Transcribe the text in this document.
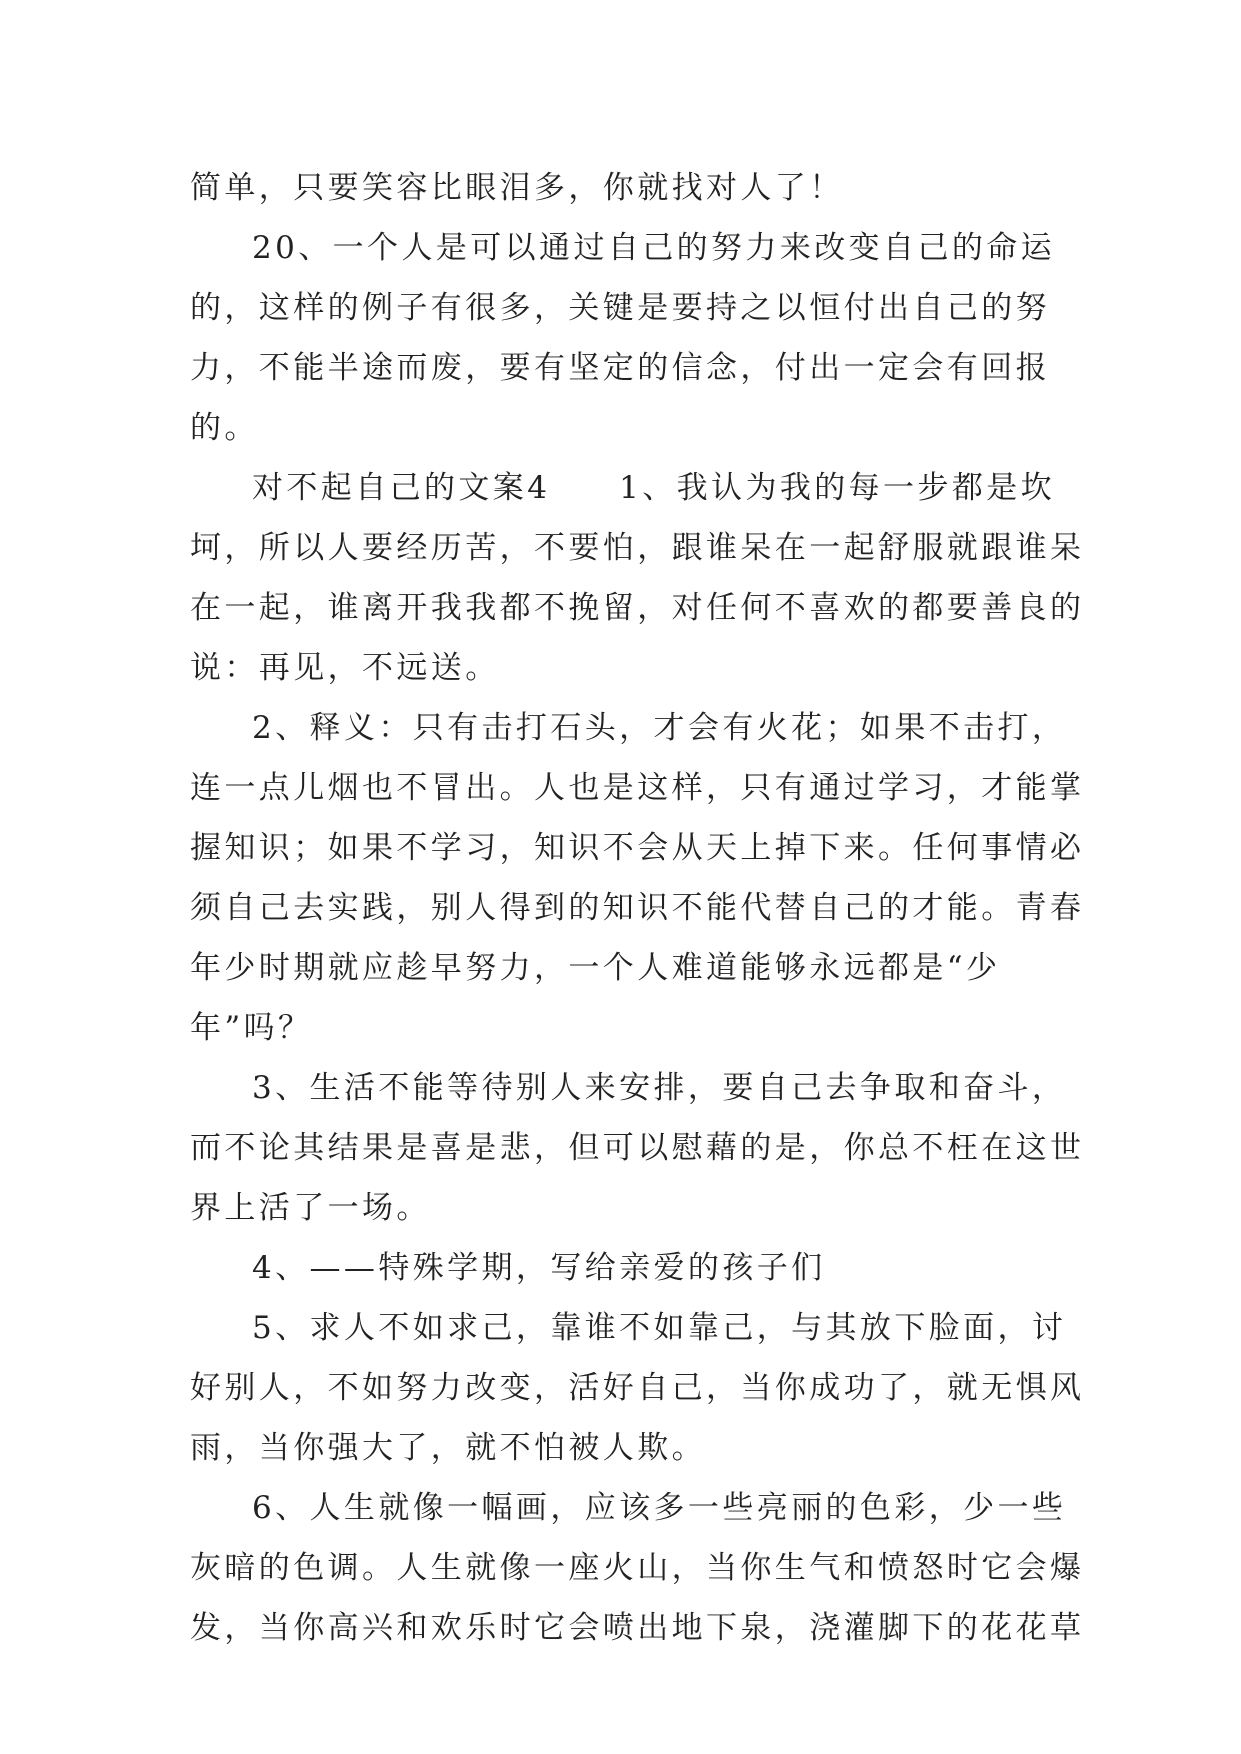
简单，只要笑容比眼泪多，你就找对人了！

20、一个人是可以通过自己的努力来改变自己的命运的，这样的例子有很多，关键是要持之以恒付出自己的努力，不能半途而废，要有坚定的信念，付出一定会有回报的。

对不起自己的文案4　　1、我认为我的每一步都是坎坷，所以人要经历苦，不要怕，跟谁呆在一起舒服就跟谁呆在一起，谁离开我我都不挽留，对任何不喜欢的都要善良的说：再见，不远送。

2、释义：只有击打石头，才会有火花；如果不击打，连一点儿烟也不冒出。人也是这样，只有通过学习，才能掌握知识；如果不学习，知识不会从天上掉下来。任何事情必须自己去实践，别人得到的知识不能代替自己的才能。青春年少时期就应趁早努力，一个人难道能够永远都是“少年”吗？

3、生活不能等待别人来安排，要自己去争取和奋斗，而不论其结果是喜是悲，但可以慰藉的是，你总不枉在这世界上活了一场。

4、——特殊学期，写给亲爱的孩子们

5、求人不如求己，靠谁不如靠己，与其放下脸面，讨好别人，不如努力改变，活好自己，当你成功了，就无惧风雨，当你强大了，就不怕被人欺。

6、人生就像一幅画，应该多一些亮丽的色彩，少一些灰暗的色调。人生就像一座火山，当你生气和愤怒时它会爆发，当你高兴和欢乐时它会喷出地下泉，浇灌脚下的花花草
